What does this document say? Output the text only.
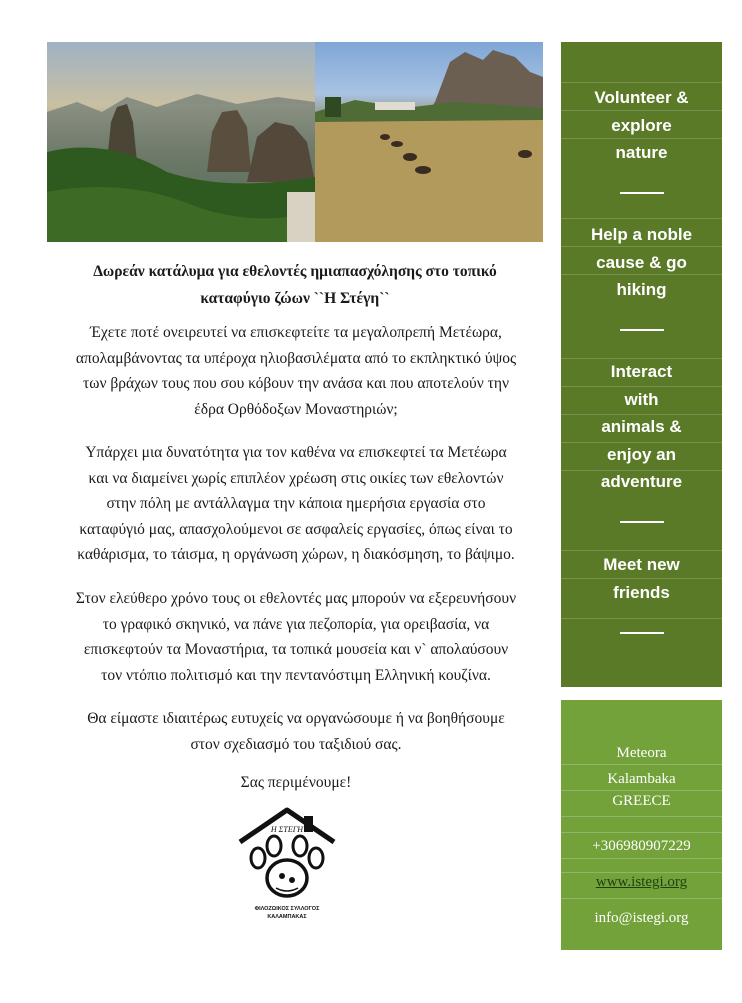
Δωρεάν κατάλυμα για εθελοντές ημιαπασχόλησης στο τοπικό
καταφύγιο ζώων ``Η Στέγη``
Έχετε ποτέ ονειρευτεί να επισκεφτείτε τα μεγαλοπρεπή Μετέωρα,
απολαμβάνοντας τα υπέροχα ηλιοβασιλέματα από το εκπληκτικό ύψος
των βράχων τους που σου κόβουν την ανάσα και που αποτελούν την
έδρα Ορθόδοξων Μοναστηριών;
Υπάρχει μια δυνατότητα για τον καθένα να επισκεφτεί τα Μετέωρα
και να διαμείνει χωρίς επιπλέον χρέωση στις οικίες των εθελοντών
στην πόλη με αντάλλαγμα την κάποια ημερήσια εργασία στο
καταφύγιό μας, απασχολούμενοι σε ασφαλείς εργασίες, όπως είναι το
καθάρισμα, το τάισμα, η οργάνωση χώρων, η διακόσμηση, το βάψιμο.
Στον ελεύθερο χρόνο τους οι εθελοντές μας μπορούν να εξερευνήσουν
το γραφικό σκηνικό, να πάνε για πεζοπορία, για ορειβασία, να
επισκεφτούν τα Μοναστήρια, τα τοπικά μουσεία και ν` απολαύσουν
τον ντόπιο πολιτισμό και την πεντανόστιμη Ελληνική κουζίνα.
Θα είμαστε ιδιαιτέρως ευτυχείς να οργανώσουμε ή να βοηθήσουμε
στον σχεδιασμό του ταξιδιού σας.
Σας περιμένουμε!
Η ΣΤΕΓΗ
ΦΙΛΟΖΩΙΚΟΣ ΣΥΛΛΟΓΟΣ
ΚΑΛΑΜΠΑΚΑΣ
Volunteer &
explore
nature
Help a noble
cause & go
hiking
Interact
with
animals &
enjoy an
adventure
Meet new
friends
Meteora
Kalambaka
GREECE
+306980907229
www.istegi.org
info@istegi.org
